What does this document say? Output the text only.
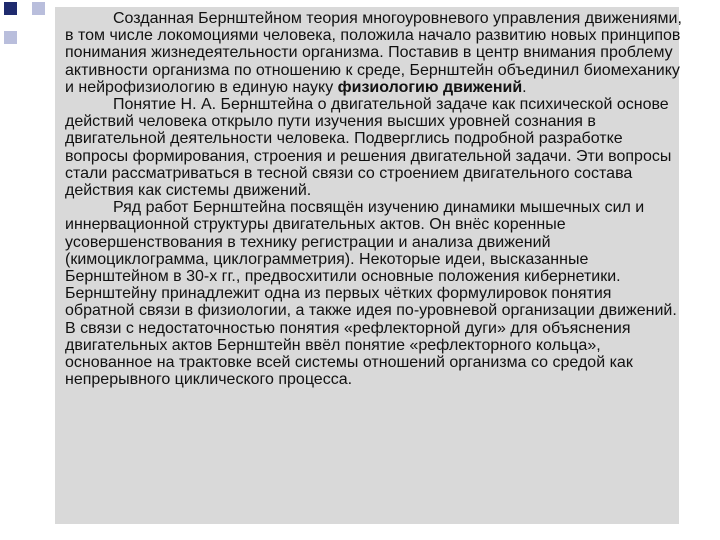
Созданная Бернштейном теория многоуровневого управления движениями, в том числе локомоциями человека, положила начало развитию новых принципов понимания жизнедеятельности организма. Поставив в центр внимания проблему активности организма по отношению к среде, Бернштейн объединил биомеханику и нейрофизиологию в единую науку физиологию движений.

Понятие Н. А. Бернштейна о двигательной задаче как психической основе действий человека открыло пути изучения высших уровней сознания в двигательной деятельности человека. Подверглись подробной разработке вопросы формирования, строения и решения двигательной задачи. Эти вопросы стали рассматриваться в тесной связи со строением двигательного состава действия как системы движений.

Ряд работ Бернштейна посвящён изучению динамики мышечных сил и иннервационной структуры двигательных актов. Он внёс коренные усовершенствования в технику регистрации и анализа движений (кимоциклограмма, циклограмметрия). Некоторые идеи, высказанные Бернштейном в 30-х гг., предвосхитили основные положения кибернетики. Бернштейну принадлежит одна из первых чётких формулировок понятия обратной связи в физиологии, а также идея по-уровневой организации движений. В связи с недостаточностью понятия «рефлекторной дуги» для объяснения двигательных актов Бернштейн ввёл понятие «рефлекторного кольца», основанное на трактовке всей системы отношений организма со средой как непрерывного циклического процесса.
